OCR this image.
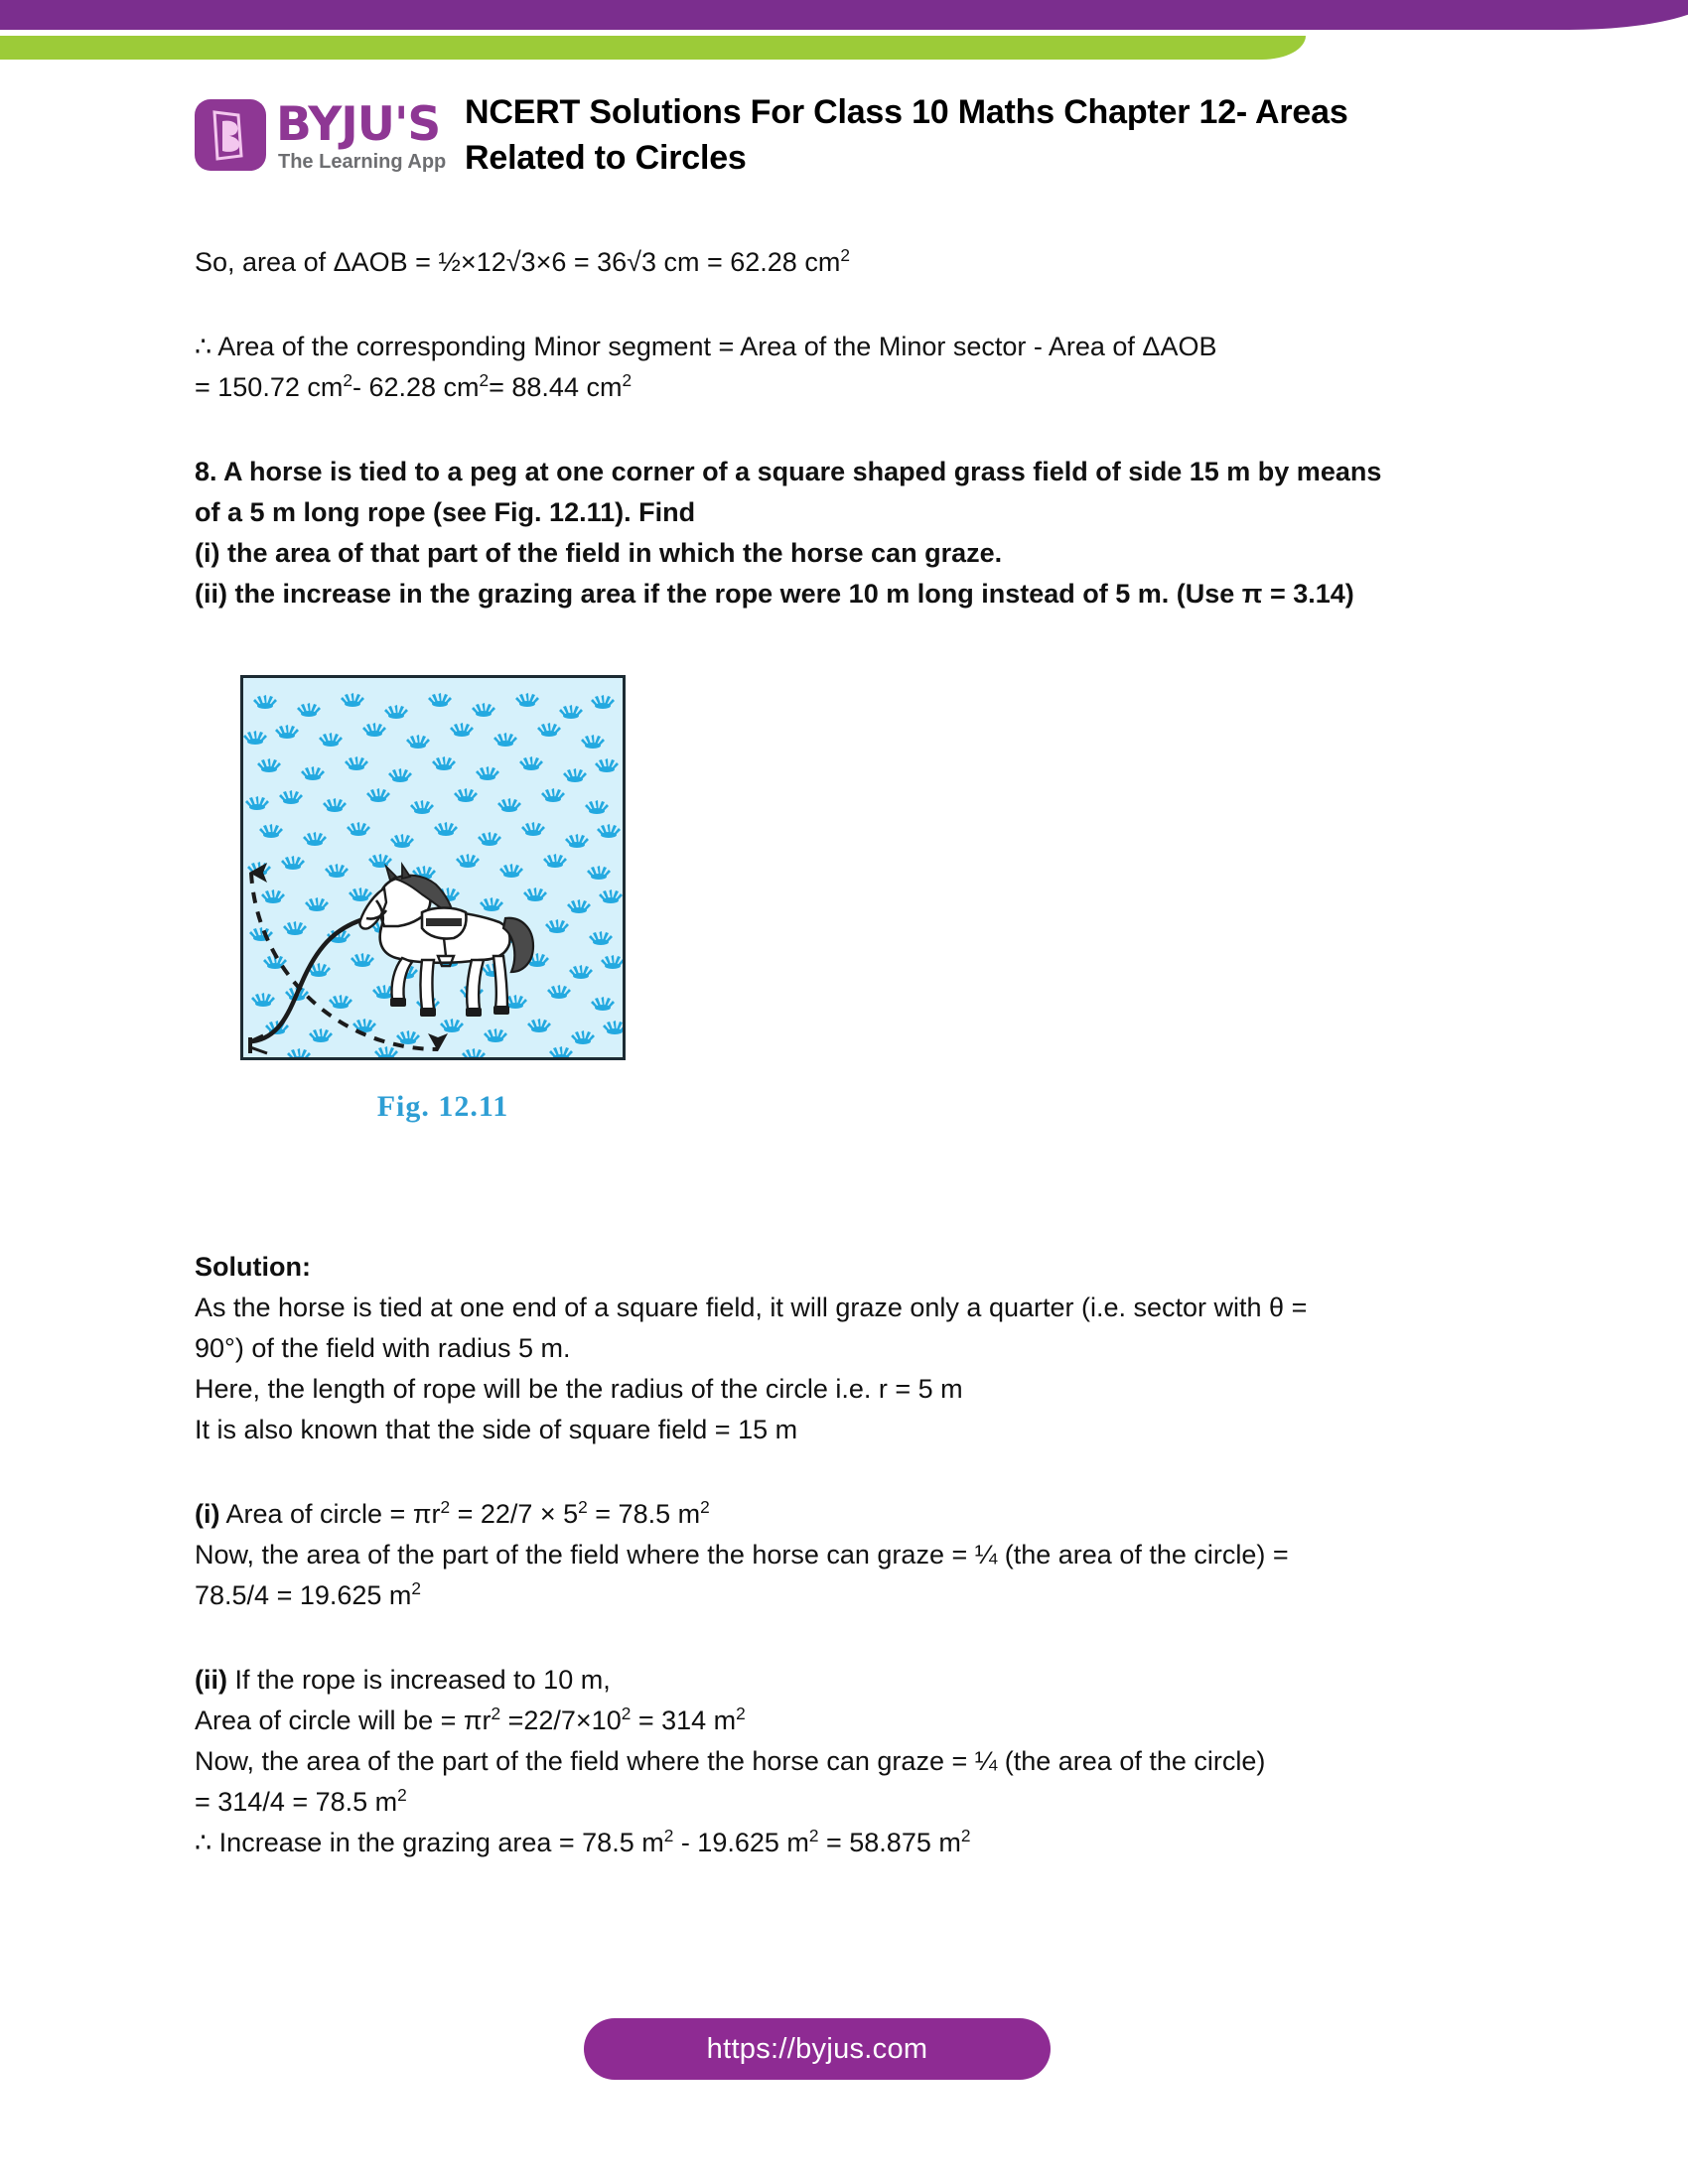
BYJU'S
The Learning App
NCERT Solutions For Class 10 Maths Chapter 12- Areas
Related to Circles
So, area of ΔAOB = ½×12√3×6 = 36√3 cm = 62.28 $cm^2$
∴ Area of the corresponding Minor segment = Area of the Minor sector - Area of ΔAOB
= 150.72 $cm^2-$ 62.28 $cm^2= 88.44$ $cm^2$
8. A horse is tied to a peg at one corner of a square shaped grass field of side 15 m by means
of a 5 m long rope (see Fig. 12.11). Find
(i) the area of that part of the field in which the horse can graze.
(ii) the increase in the grazing area if the rope were 10 m long instead of 5 m. (Use π = 3.14)
Fig. 12.11
Solution:
As the horse is tied at one end of a square field, it will graze only a quarter (i.e. sector with θ =
90°) of the field with radius 5 m.
Here, the length of rope will be the radius of the circle i.e. r = 5 m
It is also known that the side of square field = 15 m
(i) Area of circle = $\pi r^2 = 22/7 \times 5^2 = 78.5$ $m^2$
Now, the area of the part of the field where the horse can graze = ¼ (the area of the circle) =
78.5/4 = 19.625 $m^2$
(ii) If the rope is increased to 10 m,
Area of circle will be = $\pi r^2 =22/7\times 10^2 = 314$ $m^2$
Now, the area of the part of the field where the horse can graze = ¼ (the area of the circle)
= 314/4 = 78.5 $m^2$
∴ Increase in the grazing area = 78.5 $m^2 - 19.625$ $m^2 = 58.875$ $m^2$
https://byjus.com
